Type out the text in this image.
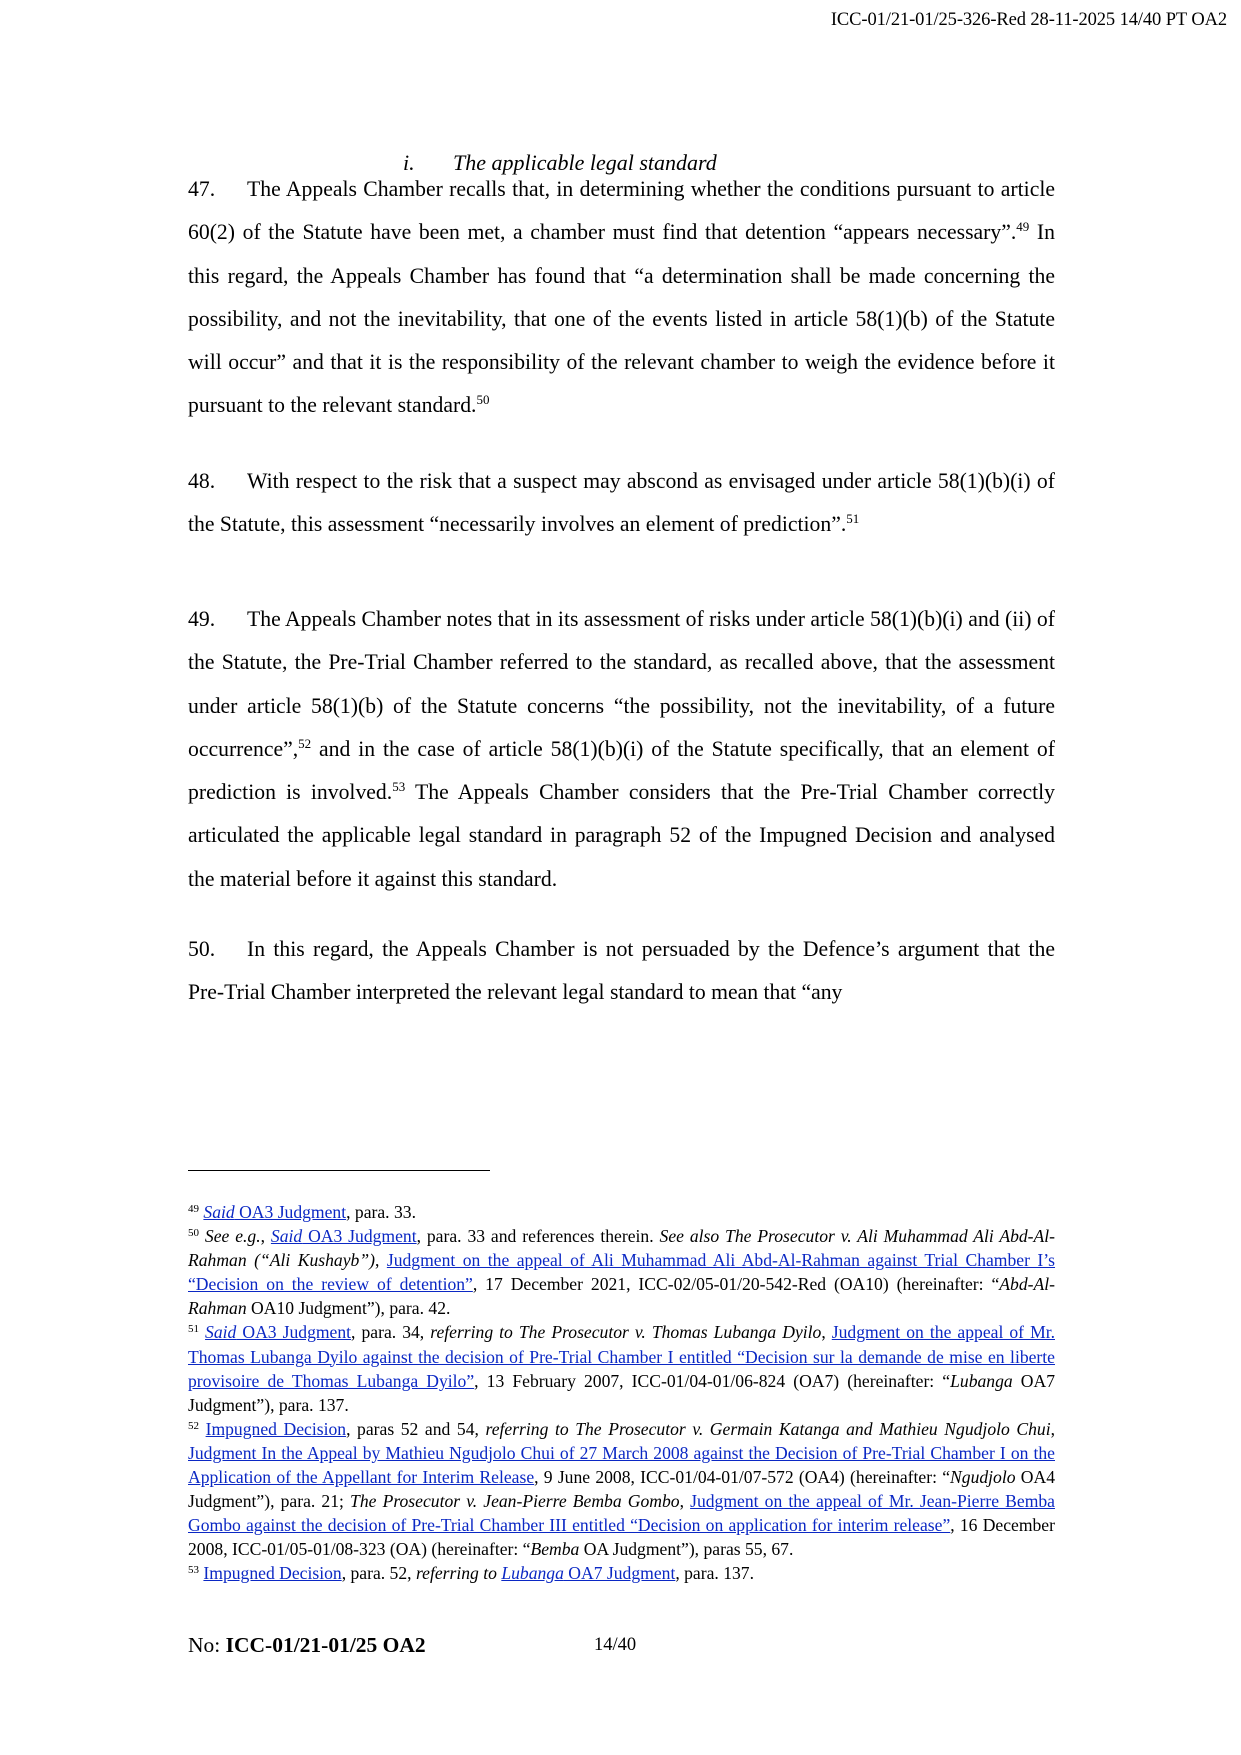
ICC-01/21-01/25-326-Red 28-11-2025 14/40 PT OA2
i. The applicable legal standard

47. The Appeals Chamber recalls that, in determining whether the conditions pursuant to article 60(2) of the Statute have been met, a chamber must find that detention “appears necessary”.$^{49}$ In this regard, the Appeals Chamber has found that “a determination shall be made concerning the possibility, and not the inevitability, that one of the events listed in article 58(1)(b) of the Statute will occur” and that it is the responsibility of the relevant chamber to weigh the evidence before it pursuant to the relevant standard.$^{50}$

48. With respect to the risk that a suspect may abscond as envisaged under article 58(1)(b)(i) of the Statute, this assessment “necessarily involves an element of prediction”.$^{51}$

49. The Appeals Chamber notes that in its assessment of risks under article 58(1)(b)(i) and (ii) of the Statute, the Pre-Trial Chamber referred to the standard, as recalled above, that the assessment under article 58(1)(b) of the Statute concerns “the possibility, not the inevitability, of a future occurrence”,$^{52}$ and in the case of article 58(1)(b)(i) of the Statute specifically, that an element of prediction is involved.$^{53}$ The Appeals Chamber considers that the Pre-Trial Chamber correctly articulated the applicable legal standard in paragraph 52 of the Impugned Decision and analysed the material before it against this standard.

50. In this regard, the Appeals Chamber is not persuaded by the Defence’s argument that the Pre-Trial Chamber interpreted the relevant legal standard to mean that “any

$^{49}$ Said OA3 Judgment, para. 33.

$^{50}$ See e.g., Said OA3 Judgment, para. 33 and references therein. See also The Prosecutor v. Ali Muhammad Ali Abd-Al-Rahman (“Ali Kushayb”), Judgment on the appeal of Ali Muhammad Ali Abd-Al-Rahman against Trial Chamber I’s “Decision on the review of detention”, 17 December 2021, ICC-02/05-01/20-542-Red (OA10) (hereinafter: “Abd-Al-Rahman OA10 Judgment”), para. 42.

$^{51}$ Said OA3 Judgment, para. 34, referring to The Prosecutor v. Thomas Lubanga Dyilo, Judgment on the appeal of Mr. Thomas Lubanga Dyilo against the decision of Pre-Trial Chamber I entitled “Decision sur la demande de mise en liberte provisoire de Thomas Lubanga Dyilo”, 13 February 2007, ICC-01/04-01/06-824 (OA7) (hereinafter: “Lubanga OA7 Judgment”), para. 137.

$^{52}$ Impugned Decision, paras 52 and 54, referring to The Prosecutor v. Germain Katanga and Mathieu Ngudjolo Chui, Judgment In the Appeal by Mathieu Ngudjolo Chui of 27 March 2008 against the Decision of Pre-Trial Chamber I on the Application of the Appellant for Interim Release, 9 June 2008, ICC-01/04-01/07-572 (OA4) (hereinafter: “Ngudjolo OA4 Judgment”), para. 21; The Prosecutor v. Jean-Pierre Bemba Gombo, Judgment on the appeal of Mr. Jean-Pierre Bemba Gombo against the decision of Pre-Trial Chamber III entitled “Decision on application for interim release”, 16 December 2008, ICC-01/05-01/08-323 (OA) (hereinafter: “Bemba OA Judgment”), paras 55, 67.

$^{53}$ Impugned Decision, para. 52, referring to Lubanga OA7 Judgment, para. 137.

No: ICC-01/21-01/25 OA2	14/40
